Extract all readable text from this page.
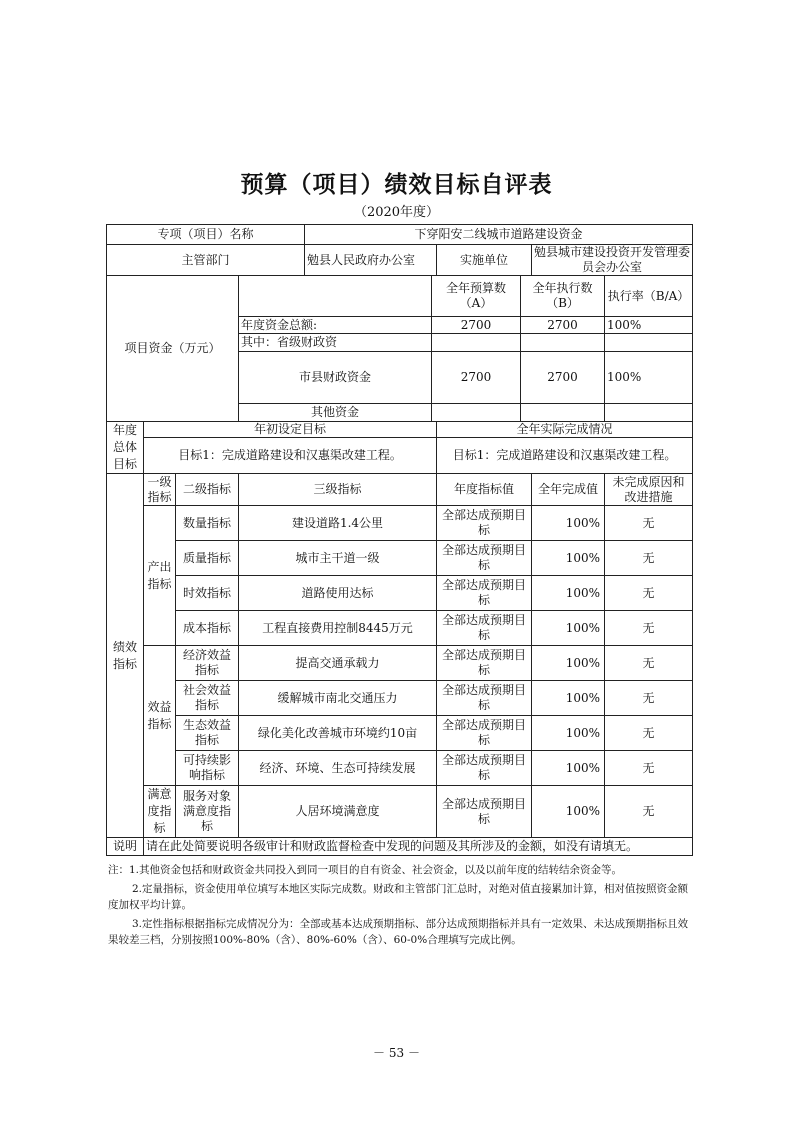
预算（项目）绩效目标自评表
（2020年度）
专项（项目）名称				下穿阳安二线城市道路建设资金					
主管部门				勉县人民政府办公室		实施单位		勉县城市建设投资开发管理委员会办公室	
项目资金（万元）					全年预算数（A）		全年执行数（B）		执行率（B/A）
			年度资金总额:		2700		2700		100%
			其中：省级财政资						
			市县财政资金		2700		2700		100%
			其他资金						
年度总体目标	年初设定目标					全年实际完成情况			
	目标1：完成道路建设和汉惠渠改建工程。					目标1：完成道路建设和汉惠渠改建工程。			
绩效指标	一级指标	二级指标	三级指标			年度指标值		全年完成值	未完成原因和改进措施
	产出指标	数量指标	建设道路1.4公里			全部达成预期目标		100%	无
		质量指标	城市主干道一级			全部达成预期目标		100%	无
		时效指标	道路使用达标			全部达成预期目标		100%	无
		成本指标	工程直接费用控制8445万元			全部达成预期目标		100%	无
	效益指标	经济效益指标	提高交通承载力			全部达成预期目标		100%	无
		社会效益指标	缓解城市南北交通压力			全部达成预期目标		100%	无
		生态效益指标	绿化美化改善城市环境约10亩			全部达成预期目标		100%	无
		可持续影响指标	经济、环境、生态可持续发展			全部达成预期目标		100%	无
	满意度指标	服务对象满意度指标	人居环境满意度			全部达成预期目标		100%	无
说明	请在此处简要说明各级审计和财政监督检查中发现的问题及其所涉及的金额，如没有请填无。								

注：1.其他资金包括和财政资金共同投入到同一项目的自有资金、社会资金，以及以前年度的结转结余资金等。

2.定量指标，资金使用单位填写本地区实际完成数。财政和主管部门汇总时，对绝对值直接累加计算，相对值按照资金额度加权平均计算。

3.定性指标根据指标完成情况分为：全部或基本达成预期指标、部分达成预期指标并具有一定效果、未达成预期指标且效果较差三档，分别按照100%-80%（含）、80%-60%（含）、60-0%合理填写完成比例。

－ 53 －
